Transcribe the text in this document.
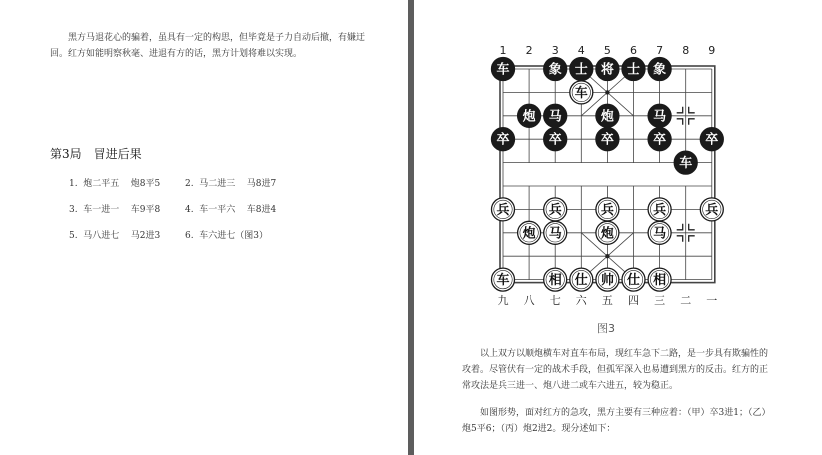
黑方马退花心的骗着，虽具有一定的构思，但毕竟是子力自动后撤，有嫌迂回。红方如能明察秋毫、进退有方的话，黑方计划将难以实现。
第3局　冒进后果
1.  炮二平五    炮8平5	2.  马二进三    马8进7
3.  车一进一    车9平8	4.  车一平六    车8进4
5.  马八进七    马2进3	6.  车六进七（图3）
1 2 3 4 5 6 7 8 9
九 八 七 六 五 四 三 二 一
车	象 士 将 士 象
车
炮 马	炮	马
卒	卒	卒	卒	卒
车
兵	兵	兵	兵	兵
炮 马	炮	马
车	相 仕 帅 仕 相
图3
以上双方以顺炮横车对直车布局，现红车急下二路，是一步具有欺骗性的攻着。尽管伏有一定的战术手段，但孤军深入也易遭到黑方的反击。红方的正常攻法是兵三进一、炮八进二或车六进五，较为稳正。
如图形势，面对红方的急攻，黑方主要有三种应着：（甲）卒3进1；（乙）炮5平6；（丙）炮2进2。现分述如下：
